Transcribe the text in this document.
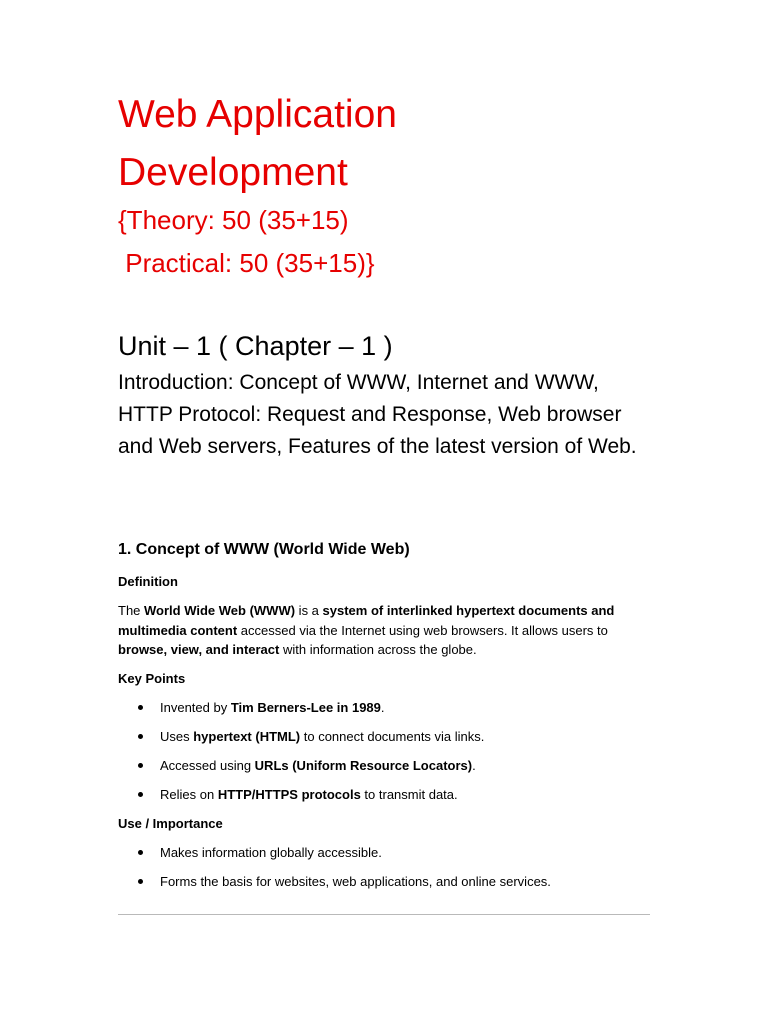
Web Application
Development
{Theory: 50 (35+15)
Practical: 50 (35+15)}
Unit – 1 ( Chapter – 1 )

Introduction: Concept of WWW, Internet and WWW, HTTP Protocol: Request and Response, Web browser and Web servers, Features of the latest version of Web.

1. Concept of WWW (World Wide Web)
Definition

The World Wide Web (WWW) is a system of interlinked hypertext documents and multimedia content accessed via the Internet using web browsers. It allows users to browse, view, and interact with information across the globe.

Key Points
Invented by Tim Berners-Lee in 1989.
Uses hypertext (HTML) to connect documents via links.
Accessed using URLs (Uniform Resource Locators).
Relies on HTTP/HTTPS protocols to transmit data.
Use / Importance
Makes information globally accessible.
Forms the basis for websites, web applications, and online services.
